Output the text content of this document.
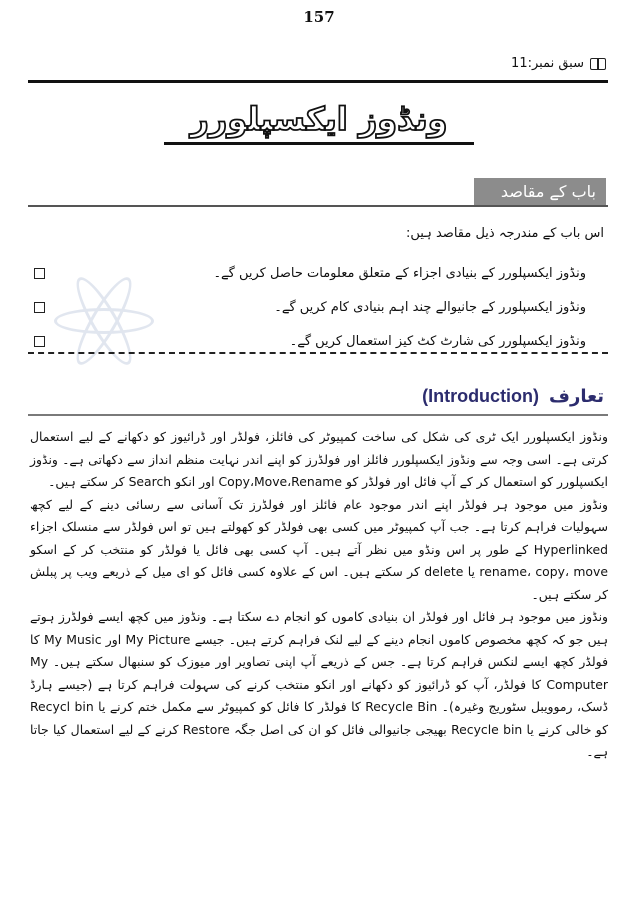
157
سبق نمبر:11
ونڈوز ایکسپلورر
باب کے مقاصد
اس باب کے مندرجہ ذیل مقاصد ہیں:
ونڈوز ایکسپلورر کے بنیادی اجزاء کے متعلق معلومات حاصل کریں گے۔
ونڈوز ایکسپلورر کے جانیوالے چند اہم بنیادی کام کریں گے۔
ونڈوز ایکسپلورر کی شارٹ کٹ کیز استعمال کریں گے۔
تعارف
(Introduction)

ونڈوز ایکسپلورر ایک ٹری کی شکل کی ساخت کمپیوٹر کی فائلز، فولڈر اور ڈرائیوز کو دکھانے کے لیے استعمال کرتی ہے۔ اسی وجہ سے ونڈوز ایکسپلورر فائلز اور فولڈرز کو اپنے اندر نہایت منظم انداز سے دکھاتی ہے۔ ونڈوز ایکسپلورر کو استعمال کر کے آپ فائل اور فولڈر کو Copy،Move،Rename اور انکو Search کر سکتے ہیں۔

ونڈوز میں موجود ہر فولڈر اپنے اندر موجود عام فائلز اور فولڈرز تک آسانی سے رسائی دینے کے لیے کچھ سہولیات فراہم کرتا ہے۔ جب آپ کمپیوٹر میں کسی بھی فولڈر کو کھولتے ہیں تو اس فولڈر سے منسلک اجزاء Hyperlinked کے طور پر اس ونڈو میں نظر آتے ہیں۔ آپ کسی بھی فائل یا فولڈر کو منتخب کر کے اسکو rename، copy، move یا delete کر سکتے ہیں۔ اس کے علاوہ کسی فائل کو ای میل کے ذریعے ویب پر پبلش کر سکتے ہیں۔

ونڈوز میں موجود ہر فائل اور فولڈر ان بنیادی کاموں کو انجام دے سکتا ہے۔ ونڈوز میں کچھ ایسے فولڈرز ہوتے ہیں جو کہ کچھ مخصوص کاموں انجام دینے کے لیے لنک فراہم کرتے ہیں۔ جیسے My Picture اور My Music کا فولڈر کچھ ایسے لنکس فراہم کرتا ہے۔ جس کے ذریعے آپ اپنی تصاویر اور میوزک کو سنبھال سکتے ہیں۔ My Computer کا فولڈر، آپ کو ڈرائیوز کو دکھانے اور انکو منتخب کرنے کی سہولت فراہم کرتا ہے (جیسے ہارڈ ڈسک، رموویبل سٹوریج وغیرہ)۔ Recycle Bin کا فولڈر کا فائل کو کمپیوٹر سے مکمل ختم کرنے یا Recycl bin کو خالی کرنے یا Recycle bin بھیجی جانیوالی فائل کو ان کی اصل جگہ Restore کرنے کے لیے استعمال کیا جاتا ہے۔
